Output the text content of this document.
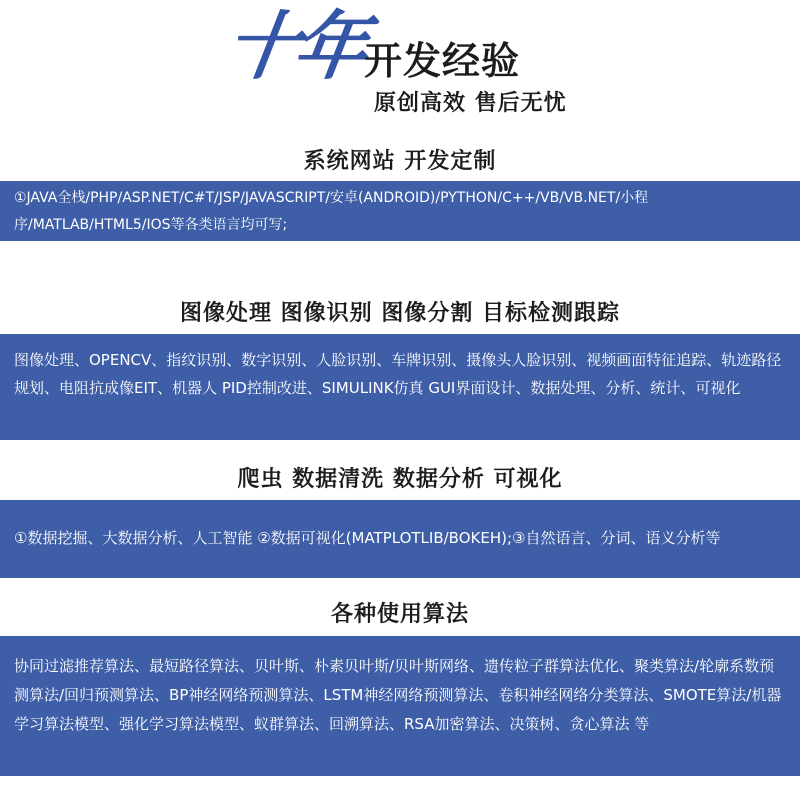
十年
开发经验
原创高效 售后无忧
系统网站 开发定制

①JAVA全栈/PHP/ASP.NET/C#T/JSP/JAVASCRIPT/安卓(ANDROID)/PYTHON/C++/VB/VB.NET/小程序/MATLAB/HTML5/IOS等各类语言均可写;

②数据库:SQLSERVER/MYSQL/MONGODB/SQLITE/ORACLE/ACCESS等数据库

图像处理 图像识别 图像分割 目标检测跟踪

图像处理、OPENCV、指纹识别、数字识别、人脸识别、车牌识别、摄像头人脸识别、视频画面特征追踪、轨迹路径规划、电阻抗成像EIT、机器人 PID控制改进、SIMULINK仿真 GUI界面设计、数据处理、分析、统计、可视化

爬虫 数据清洗 数据分析 可视化

①数据挖掘、大数据分析、人工智能 ②数据可视化(MATPLOTLIB/BOKEH);③自然语言、分词、语义分析等

各种使用算法

协同过滤推荐算法、最短路径算法、贝叶斯、朴素贝叶斯/贝叶斯网络、遗传粒子群算法优化、聚类算法/轮廓系数预测算法/回归预测算法、BP神经网络预测算法、LSTM神经网络预测算法、卷积神经网络分类算法、SMOTE算法/机器学习算法模型、强化学习算法模型、蚁群算法、回溯算法、RSA加密算法、决策树、贪心算法 等
